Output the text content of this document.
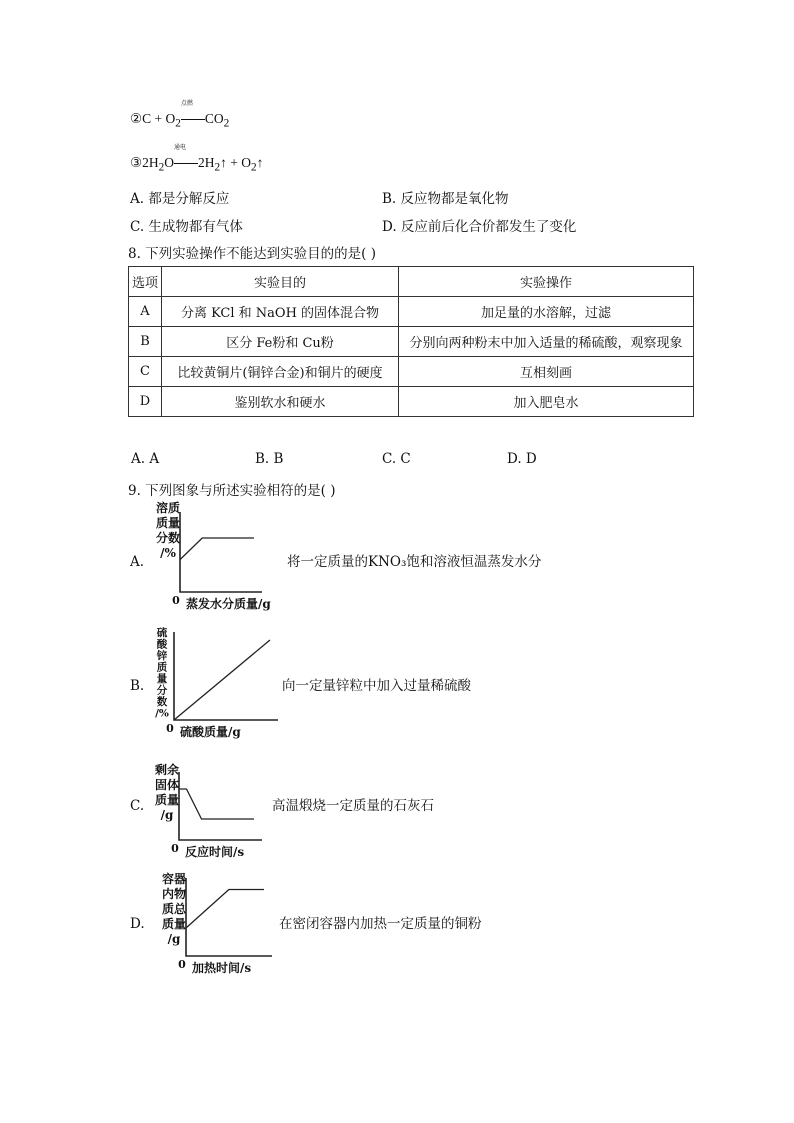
②C + $O_2$
点燃
$CO_2$
$③2H_2O$
通电
$2H_2↑$ + $O_2↑$
A. 都是分解反应	B. 反应物都是氧化物
C. 生成物都有气体	D. 反应前后化合价都发生了变化
8. 下列实验操作不能达到实验目的的是( )
选项	实验目的	实验操作
A	分离 KCl 和 NaOH 的固体混合物	加足量的水溶解，过滤
B	区分 Fe粉和 Cu粉	分别向两种粉末中加入适量的稀硫酸，观察现象
C	比较黄铜片(铜锌合金)和铜片的硬度	互相刻画
D	鉴别软水和硬水	加入肥皂水
A. A	B. B	C. C	D. D
9. 下列图象与所述实验相符的是( )
A.
溶质
质量
分数
/%
0 蒸发水分质量/g
将一定质量的KNO₃饱和溶液恒温蒸发水分
B.
硫
酸
锌
质
量
分
数
/%
0 硫酸质量/g
向一定量锌粒中加入过量稀硫酸
C.
剩余
固体
质量
/g
0 反应时间/s
高温煅烧一定质量的石灰石
D.
容器
内物
质总
质量
/g
0 加热时间/s
在密闭容器内加热一定质量的铜粉
